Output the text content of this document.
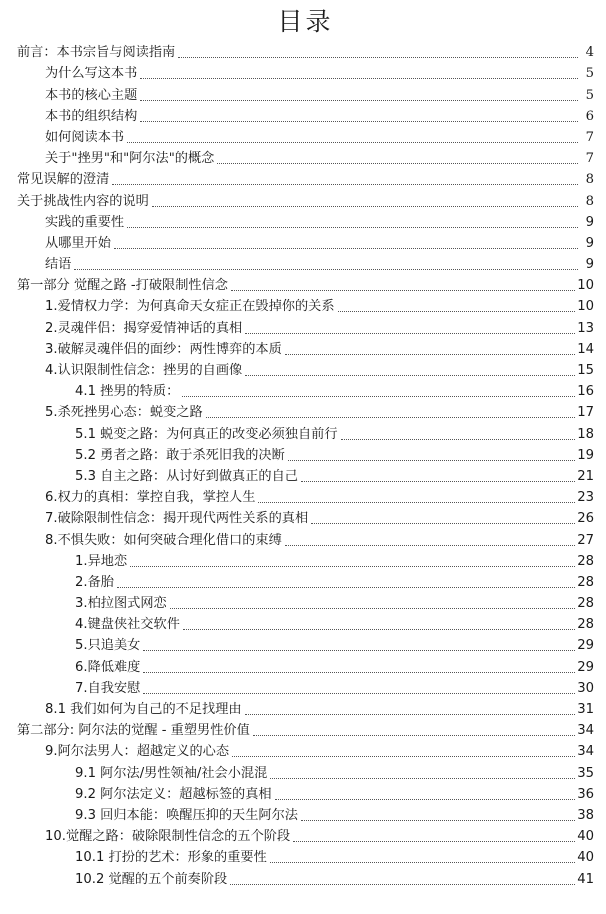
目录
前言：本书宗旨与阅读指南	4
为什么写这本书	5
本书的核心主题	5
本书的组织结构	6
如何阅读本书	7
关于"挫男"和"阿尔法"的概念	7
常见误解的澄清	8
关于挑战性内容的说明	8
实践的重要性	9
从哪里开始	9
结语	9
第一部分 觉醒之路 -打破限制性信念	10
1.爱情权力学：为何真命天女症正在毁掉你的关系	10
2.灵魂伴侣：揭穿爱情神话的真相	13
3.破解灵魂伴侣的面纱：两性博弈的本质	14
4.认识限制性信念：挫男的自画像	15
4.1 挫男的特质：	16
5.杀死挫男心态：蜕变之路	17
5.1 蜕变之路：为何真正的改变必须独自前行	18
5.2 勇者之路：敢于杀死旧我的决断	19
5.3 自主之路：从讨好到做真正的自己	21
6.权力的真相：掌控自我，掌控人生	23
7.破除限制性信念：揭开现代两性关系的真相	26
8.不惧失败：如何突破合理化借口的束缚	27
1.异地恋	28
2.备胎	28
3.柏拉图式网恋	28
4.键盘侠社交软件	28
5.只追美女	29
6.降低难度	29
7.自我安慰	30
8.1 我们如何为自己的不足找理由	31
第二部分: 阿尔法的觉醒 - 重塑男性价值	34
9.阿尔法男人：超越定义的心态	34
9.1 阿尔法/男性领袖/社会小混混	35
9.2 阿尔法定义：超越标签的真相	36
9.3 回归本能：唤醒压抑的天生阿尔法	38
10.觉醒之路：破除限制性信念的五个阶段	40
10.1 打扮的艺术：形象的重要性	40
10.2 觉醒的五个前奏阶段	41
